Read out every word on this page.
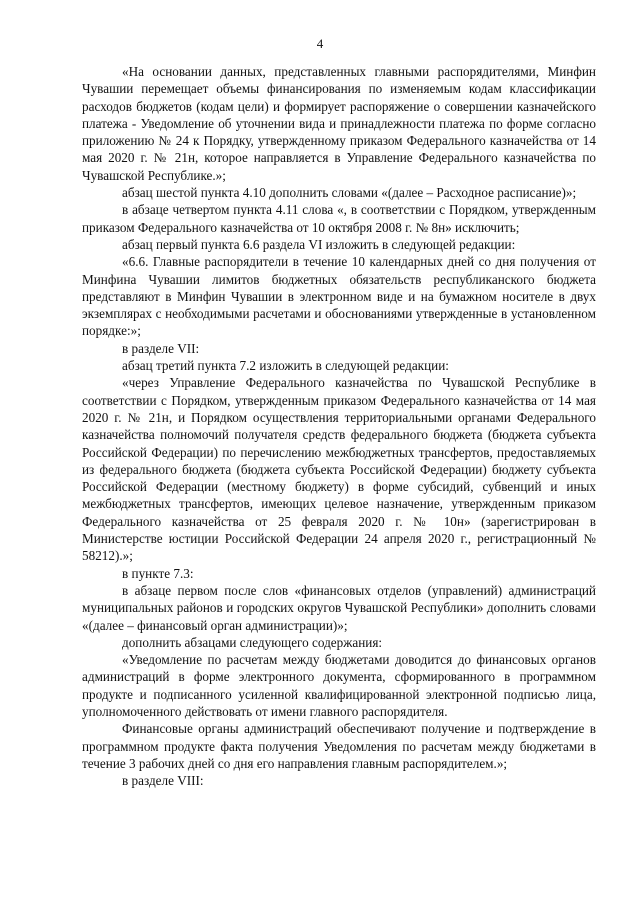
4

«На основании данных, представленных главными распорядителями, Минфин Чувашии перемещает объемы финансирования по изменяемым кодам классификации расходов бюджетов (кодам цели) и формирует распоряжение о совершении казначейского платежа - Уведомление об уточнении вида и принадлежности платежа по форме согласно приложению № 24 к Порядку, утвержденному приказом Федерального казначейства от 14 мая 2020 г. № 21н, которое направляется в Управление Федерального казначейства по Чувашской Республике.»;

абзац шестой пункта 4.10 дополнить словами «(далее – Расходное расписание)»;

в абзаце четвертом пункта 4.11 слова «, в соответствии с Порядком, утвержденным приказом Федерального казначейства от 10 октября 2008 г. № 8н» исключить;

абзац первый пункта 6.6 раздела VI изложить в следующей редакции:

«6.6. Главные распорядители в течение 10 календарных дней со дня получения от Минфина Чувашии лимитов бюджетных обязательств республиканского бюджета представляют в Минфин Чувашии в электронном виде и на бумажном носителе в двух экземплярах с необходимыми расчетами и обоснованиями утвержденные в установленном порядке:»;

в разделе VII:

абзац третий пункта 7.2 изложить в следующей редакции:

«через Управление Федерального казначейства по Чувашской Республике в соответствии с Порядком, утвержденным приказом Федерального казначейства от 14 мая 2020 г. № 21н, и Порядком осуществления территориальными органами Федерального казначейства полномочий получателя средств федерального бюджета (бюджета субъекта Российской Федерации) по перечислению межбюджетных трансфертов, предоставляемых из федерального бюджета (бюджета субъекта Российской Федерации) бюджету субъекта Российской Федерации (местному бюджету) в форме субсидий, субвенций и иных межбюджетных трансфертов, имеющих целевое назначение, утвержденным приказом Федерального казначейства от 25 февраля 2020 г. № 10н» (зарегистрирован в Министерстве юстиции Российской Федерации 24 апреля 2020 г., регистрационный № 58212).»;

в пункте 7.3:

в абзаце первом после слов «финансовых отделов (управлений) администраций муниципальных районов и городских округов Чувашской Республики» дополнить словами «(далее – финансовый орган администрации)»;

дополнить абзацами следующего содержания:

«Уведомление по расчетам между бюджетами доводится до финансовых органов администраций в форме электронного документа, сформированного в программном продукте и подписанного усиленной квалифицированной электронной подписью лица, уполномоченного действовать от имени главного распорядителя.

Финансовые органы администраций обеспечивают получение и подтверждение в программном продукте факта получения Уведомления по расчетам между бюджетами в течение 3 рабочих дней со дня его направления главным распорядителем.»;

в разделе VIII:
